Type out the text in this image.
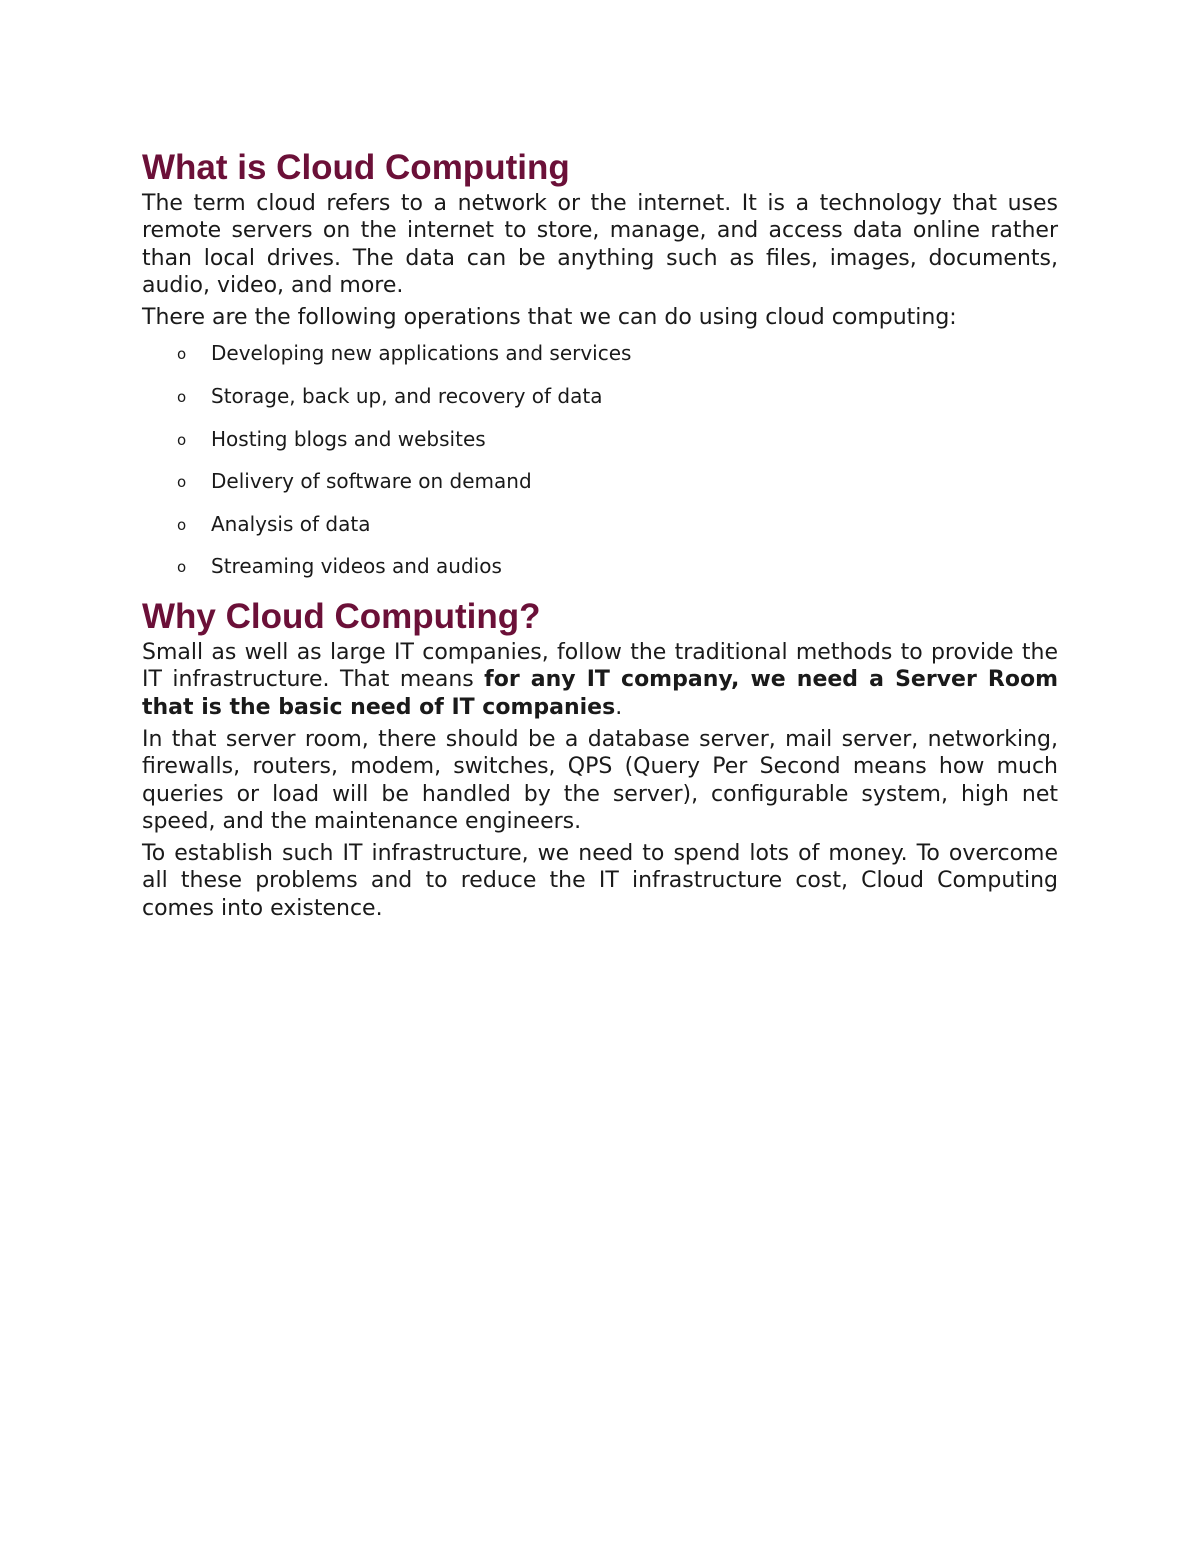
What is Cloud Computing

The term cloud refers to a network or the internet. It is a technology that uses remote servers on the internet to store, manage, and access data online rather than local drives. The data can be anything such as files, images, documents, audio, video, and more.

There are the following operations that we can do using cloud computing:

o Developing new applications and services
o Storage, back up, and recovery of data
o Hosting blogs and websites
o Delivery of software on demand
o Analysis of data
o Streaming videos and audios
Why Cloud Computing?

Small as well as large IT companies, follow the traditional methods to provide the IT infrastructure. That means for any IT company, we need a Server Room that is the basic need of IT companies.

In that server room, there should be a database server, mail server, networking, firewalls, routers, modem, switches, QPS (Query Per Second means how much queries or load will be handled by the server), configurable system, high net speed, and the maintenance engineers.

To establish such IT infrastructure, we need to spend lots of money. To overcome all these problems and to reduce the IT infrastructure cost, Cloud Computing comes into existence.
